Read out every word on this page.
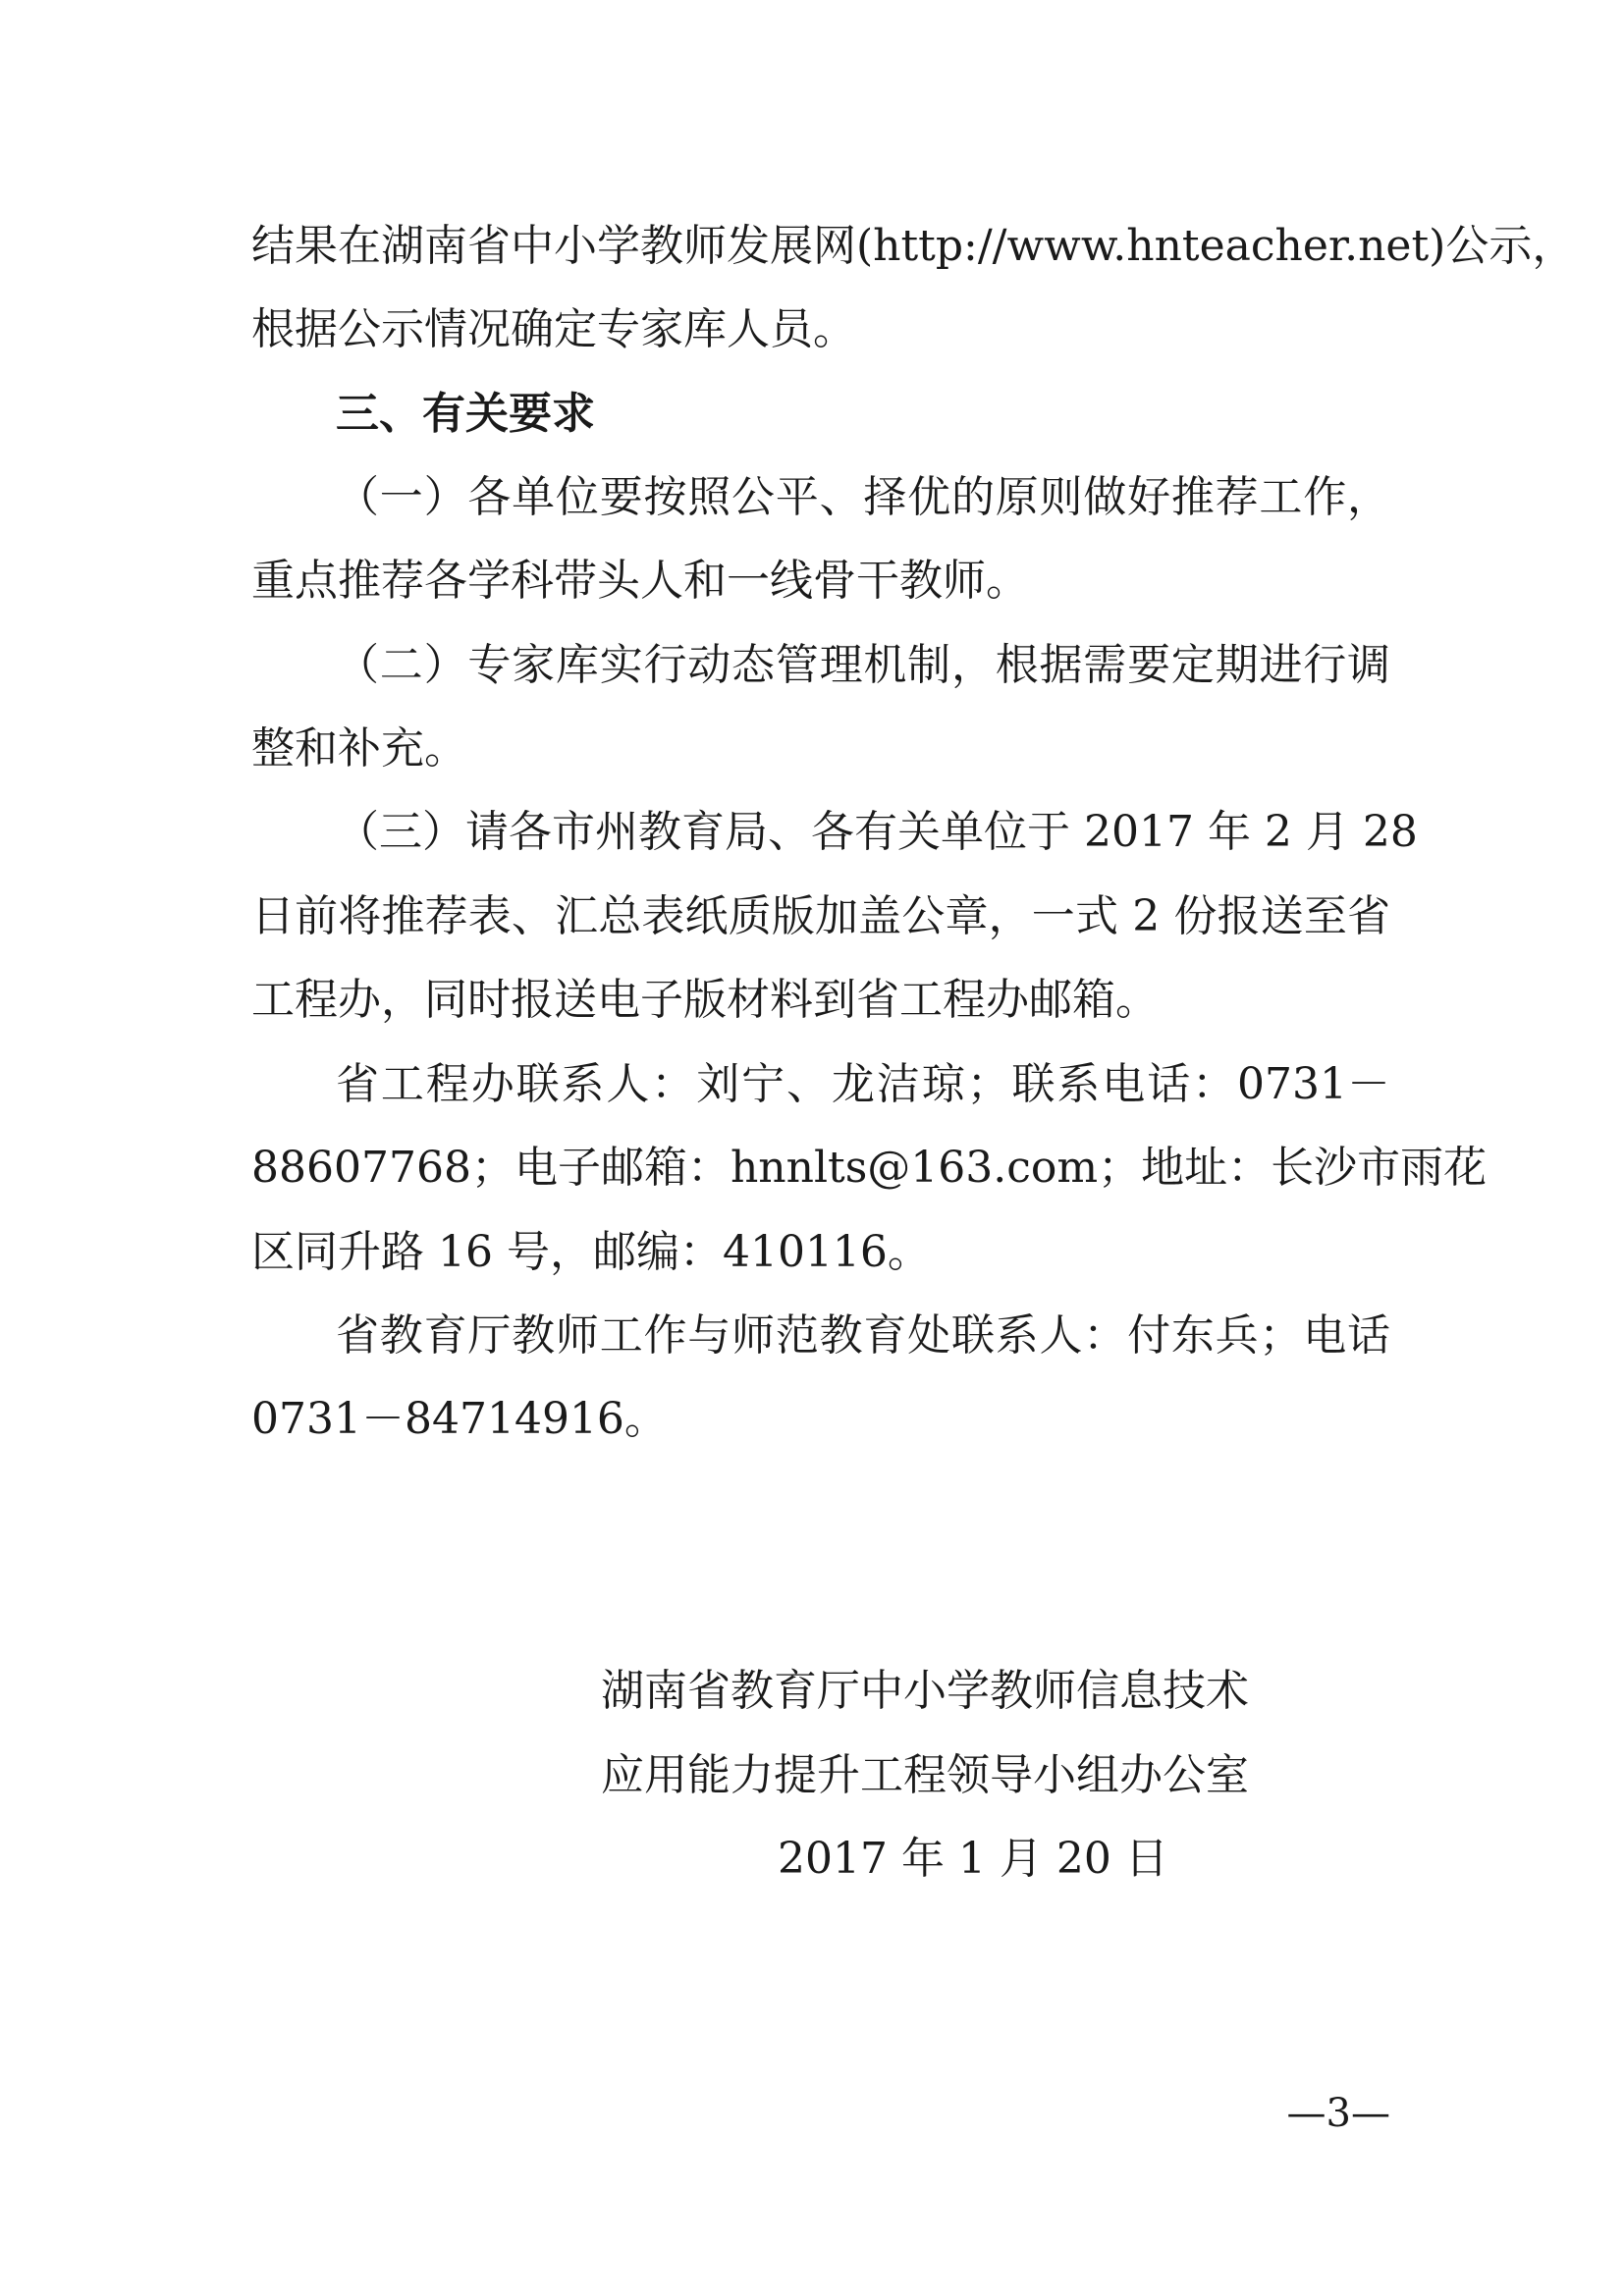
结果在湖南省中小学教师发展网(http://www.hnteacher.net)公示，
根据公示情况确定专家库人员。
三、有关要求
（一）各单位要按照公平、择优的原则做好推荐工作，
重点推荐各学科带头人和一线骨干教师。
（二）专家库实行动态管理机制，根据需要定期进行调
整和补充。
（三）请各市州教育局、各有关单位于 2017 年 2 月 28
日前将推荐表、汇总表纸质版加盖公章，一式 2 份报送至省
工程办，同时报送电子版材料到省工程办邮箱。
省工程办联系人：刘宁、龙洁琼；联系电话：0731－
88607768；电子邮箱：hnnlts@163.com；地址：长沙市雨花
区同升路 16 号，邮编：410116。
省教育厅教师工作与师范教育处联系人：付东兵；电话
0731－84714916。
湖南省教育厅中小学教师信息技术
应用能力提升工程领导小组办公室
2017 年 1 月 20 日
—3—
